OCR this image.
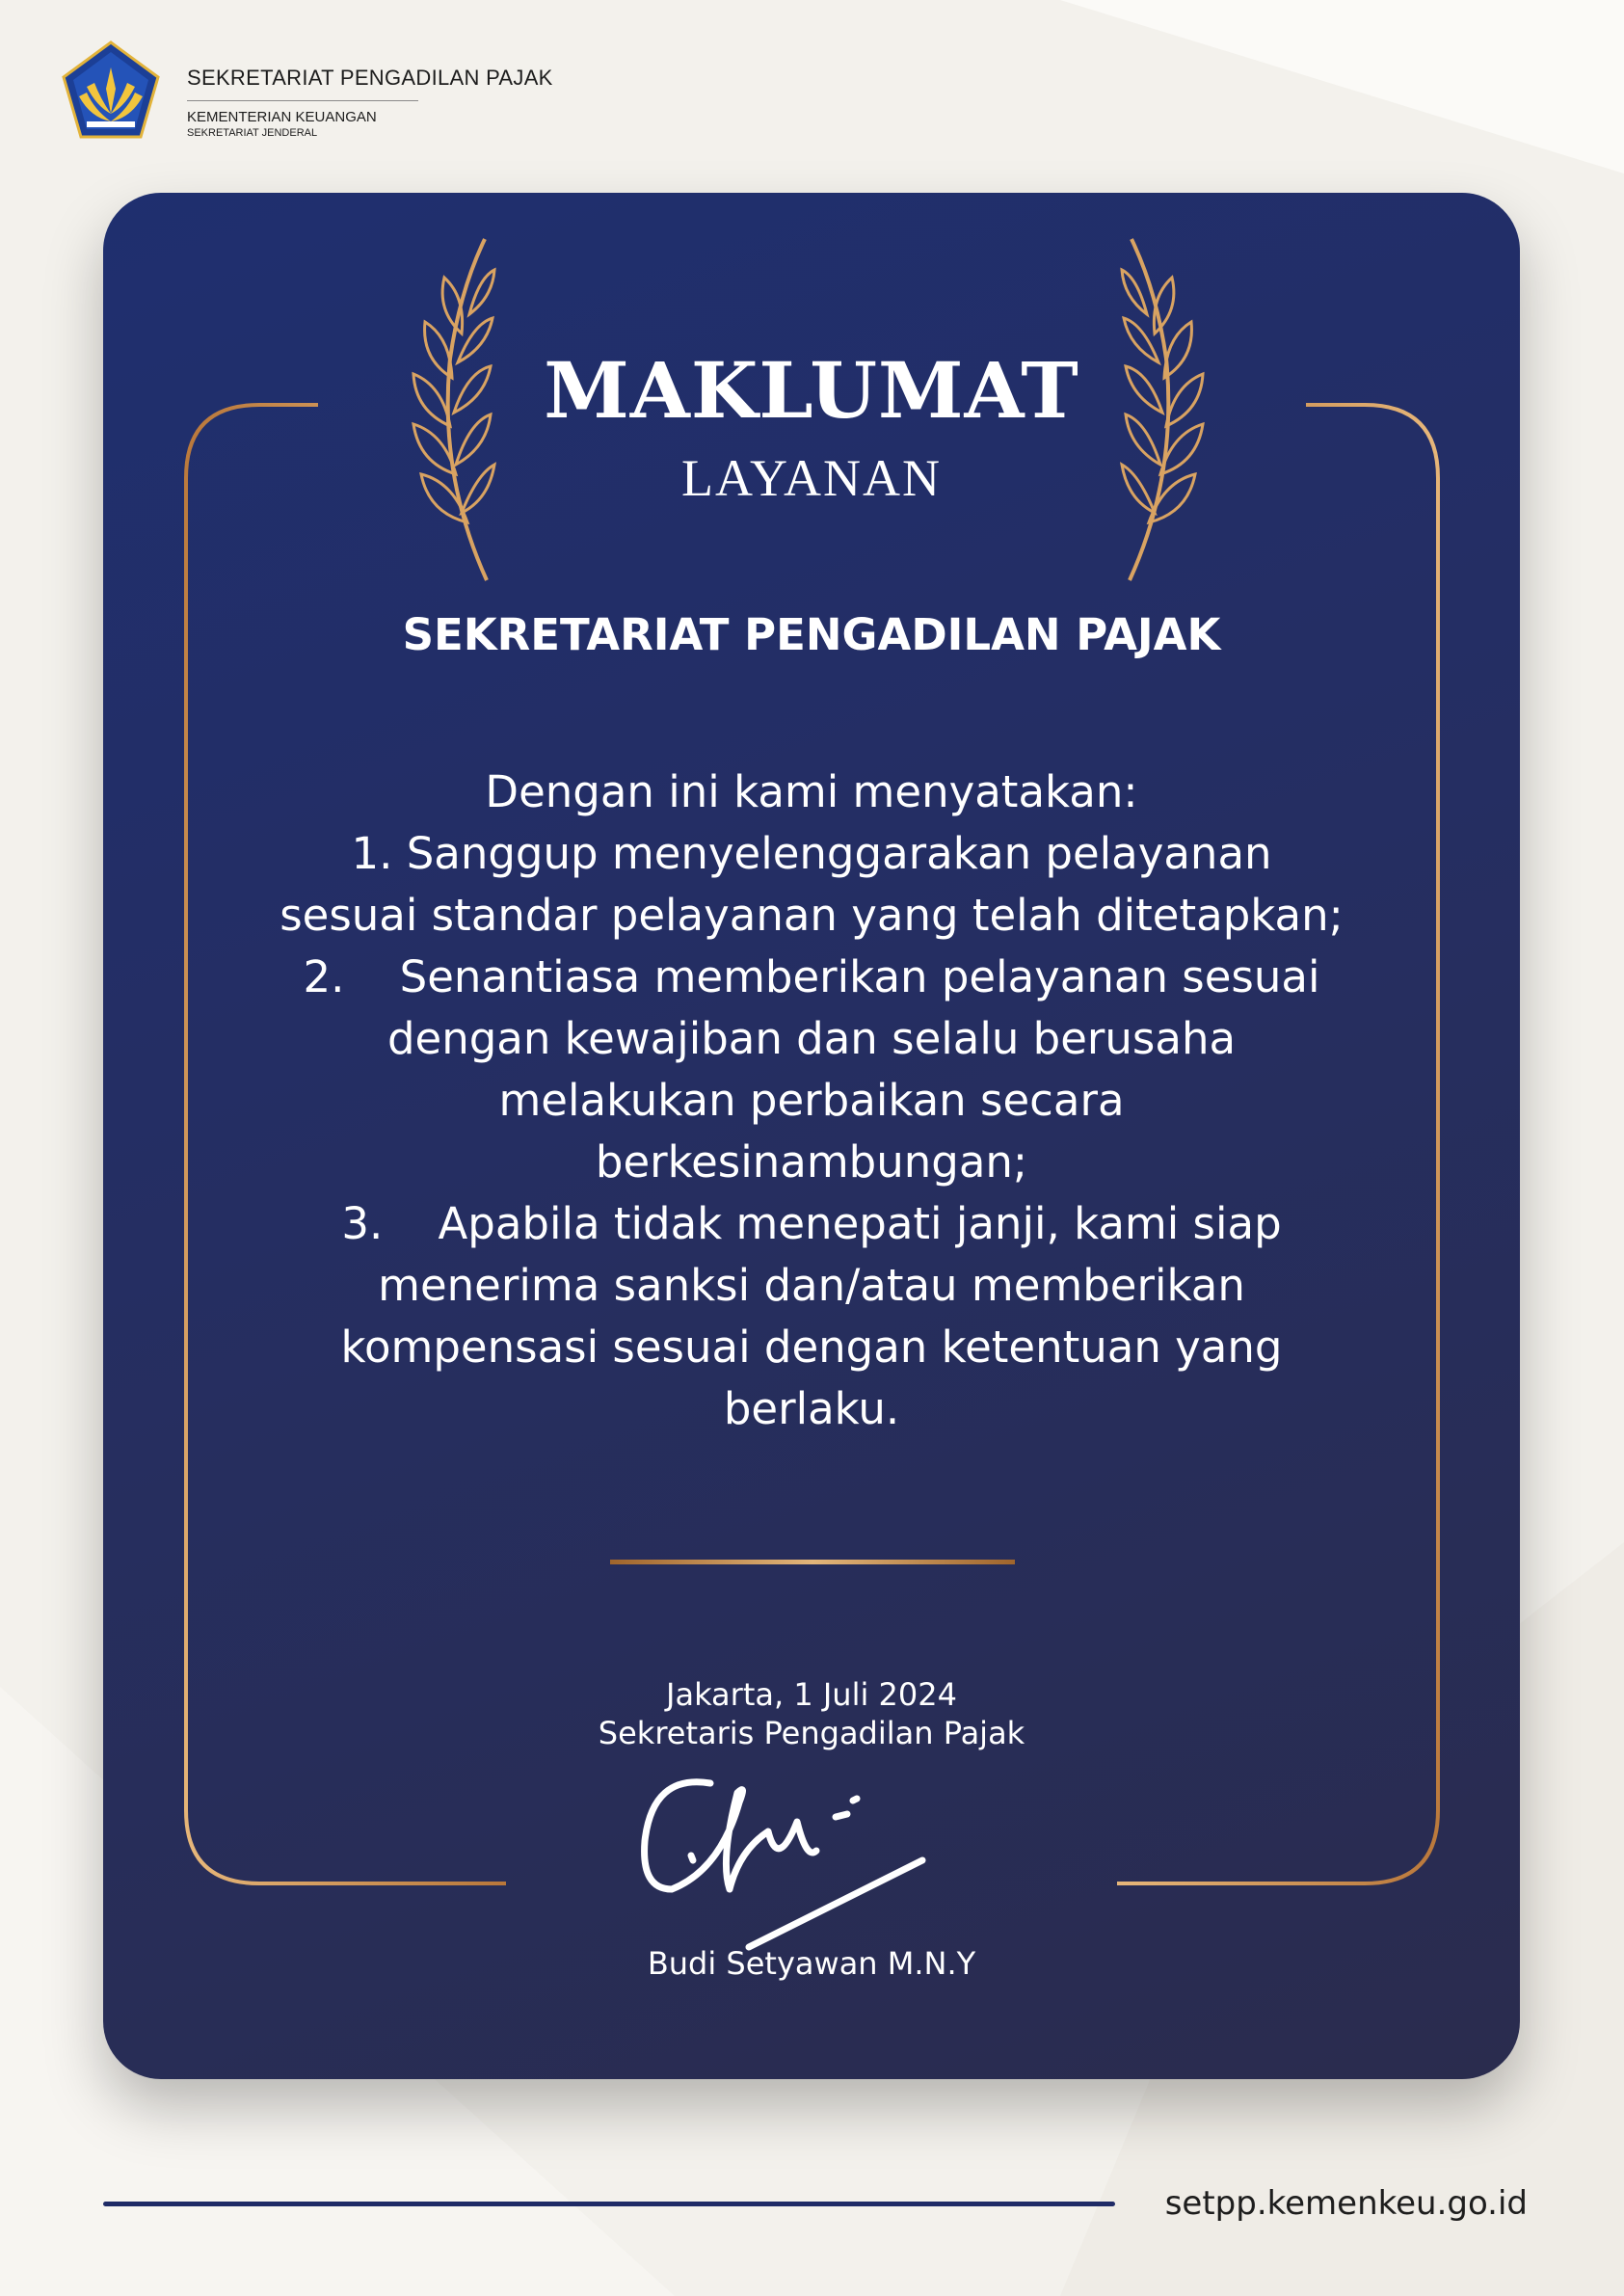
SEKRETARIAT PENGADILAN PAJAK
KEMENTERIAN KEUANGAN
SEKRETARIAT JENDERAL
MAKLUMAT
LAYANAN
SEKRETARIAT PENGADILAN PAJAK
Dengan ini kami menyatakan:
1. Sanggup menyelenggarakan pelayanan sesuai standar pelayanan yang telah ditetapkan;
2.    Senantiasa memberikan pelayanan sesuai dengan kewajiban dan selalu berusaha melakukan perbaikan secara berkesinambungan;
3.    Apabila tidak menepati janji, kami siap menerima sanksi dan/atau memberikan kompensasi sesuai dengan ketentuan yang berlaku.
Jakarta, 1 Juli 2024
Sekretaris Pengadilan Pajak
Budi Setyawan M.N.Y
setpp.kemenkeu.go.id
